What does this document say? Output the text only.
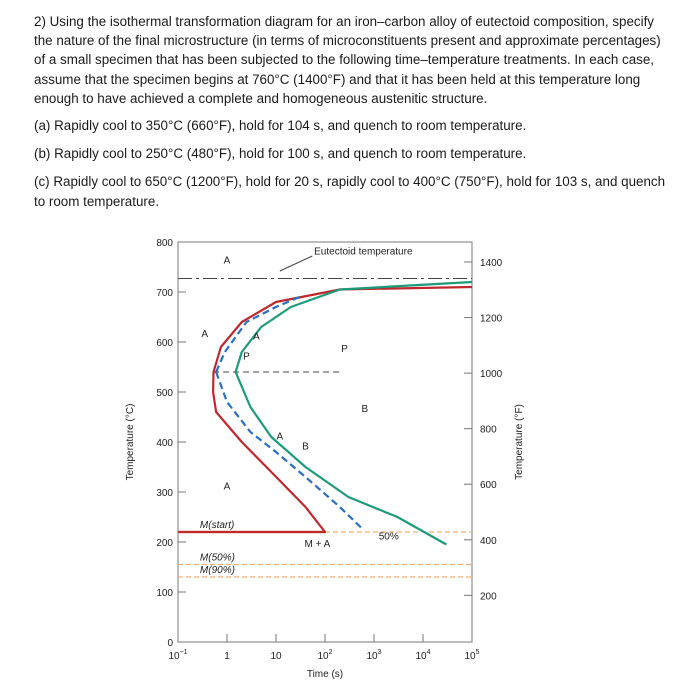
2) Using the isothermal transformation diagram for an iron–carbon alloy of eutectoid composition, specify the nature of the final microstructure (in terms of microconstituents present and approximate percentages) of a small specimen that has been subjected to the following time–temperature treatments. In each case, assume that the specimen begins at 760°C (1400°F) and that it has been held at this temperature long enough to have achieved a complete and homogeneous austenitic structure.

(a) Rapidly cool to 350°C (660°F), hold for 104 s, and quench to room temperature.

(b) Rapidly cool to 250°C (480°F), hold for 100 s, and quench to room temperature.

(c) Rapidly cool to 650°C (1200°F), hold for 20 s, rapidly cool to 400°C (750°F), hold for 103 s, and quench to room temperature.

0
100
200
300
400
500
600
700
800
200
400
600
800
1000
1200
1400
$10^{-1}$	1	10	$10^2$	$10^3$	$10^4$	$10^5$
Time (s)
Temperature (°C)	Temperature (°F)
Eutectoid temperature
M(start)
M(50%)
M(90%)
A
A	A
P
P
B
A
B
A
M + A
50%
